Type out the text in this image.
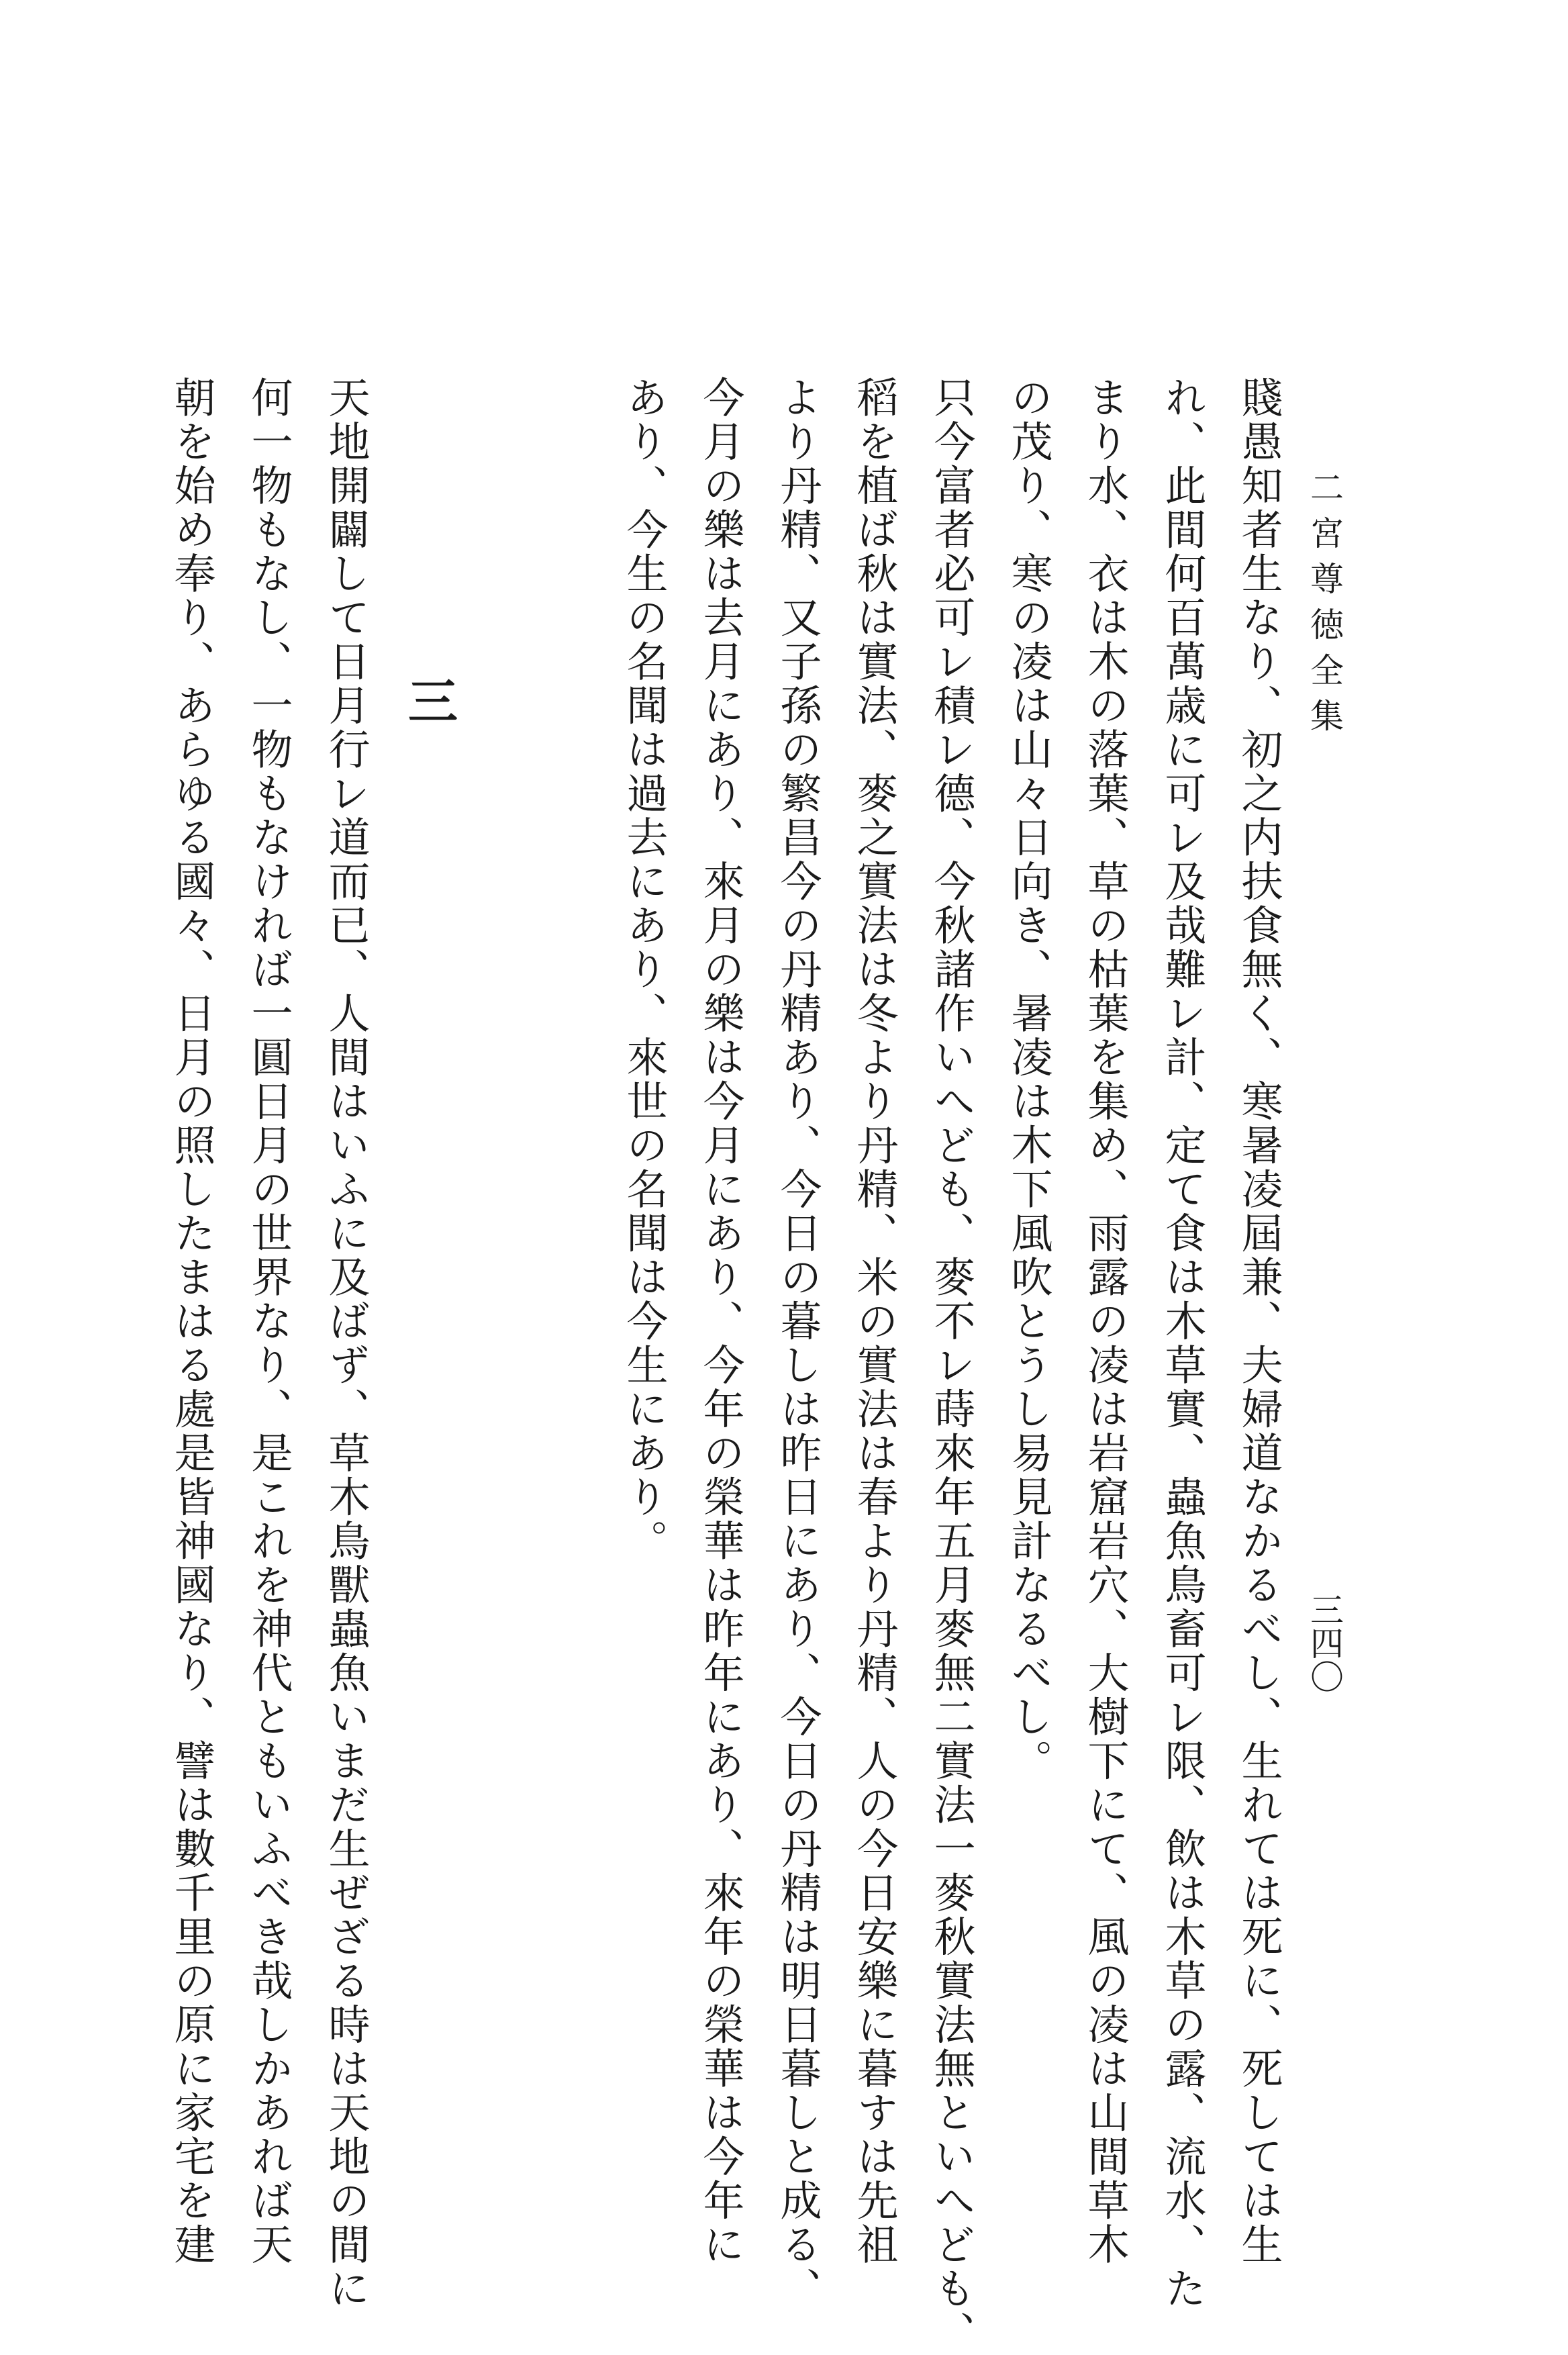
二宮尊徳全集
三四〇
賤愚知者生なり、初之内扶食無く、寒暑凌屆兼、夫婦道なかるべし、生れては死に、死しては生
れ、此間何百萬歳に可レ及哉難レ計、定て食は木草實、蟲魚鳥畜可レ限、飲は木草の露、流水、た
まり水、衣は木の落葉、草の枯葉を集め、雨露の凌は岩窟岩穴、大樹下にて、風の凌は山間草木
の茂り、寒の凌は山々日向き、暑凌は木下風吹とうし易見計なるべし。
只今富者必可レ積レ德、今秋諸作いへども、麥不レ蒔來年五月麥無二實法一麥秋實法無といへども、
稻を植ば秋は實法、麥之實法は冬より丹精、米の實法は春より丹精、人の今日安樂に暮すは先祖
より丹精、又子孫の繁昌今の丹精あり、今日の暮しは昨日にあり、今日の丹精は明日暮しと成る、
今月の樂は去月にあり、來月の樂は今月にあり、今年の榮華は昨年にあり、來年の榮華は今年に
あり、今生の名聞は過去にあり、來世の名聞は今生にあり。
三
天地開闢して日月行レ道而已、人間はいふに及ばず、草木鳥獸蟲魚いまだ生ぜざる時は天地の間に
何一物もなし、一物もなければ一圓日月の世界なり、是これを神代ともいふべき哉しかあれば天
朝を始め奉り、あらゆる國々、日月の照したまはる處是皆神國なり、譬は數千里の原に家宅を建
